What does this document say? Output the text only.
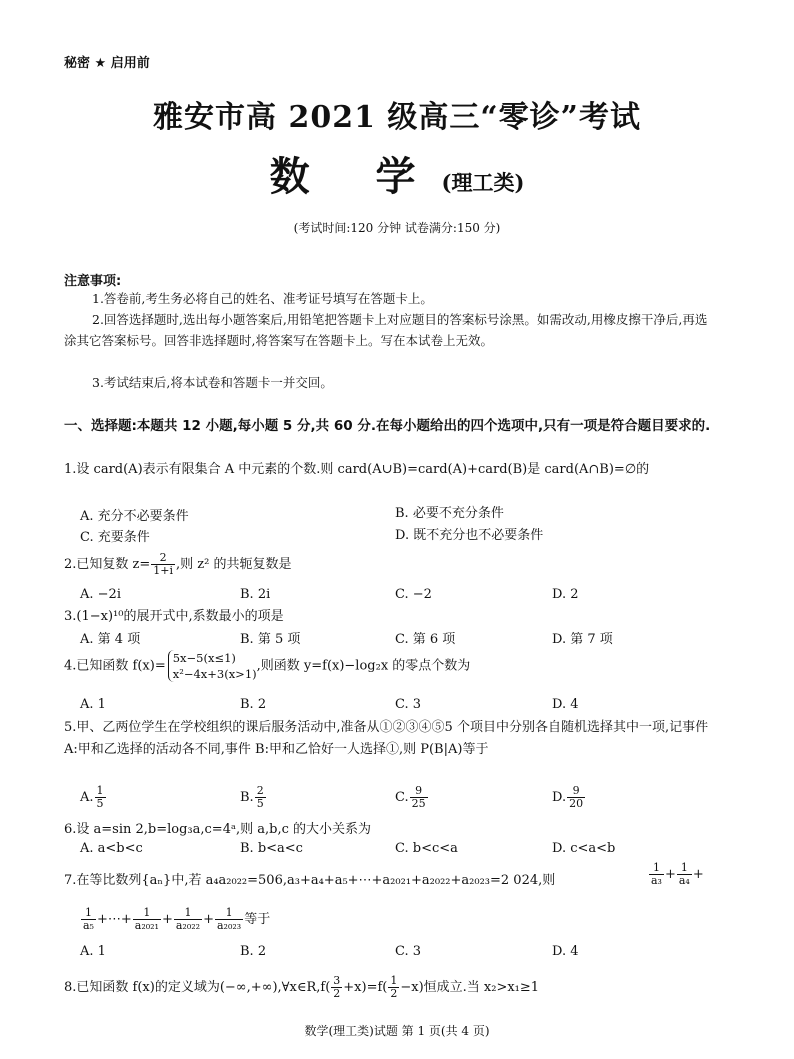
秘密 ★ 启用前
雅安市高 2021 级高三“零诊”考试
数 学(理工类)
(考试时间:120 分钟 试卷满分:150 分)
注意事项:
1.答卷前,考生务必将自己的姓名、准考证号填写在答题卡上。
2.回答选择题时,选出每小题答案后,用铅笔把答题卡上对应题目的答案标号涂黑。如需改动,用橡皮擦干净后,再选涂其它答案标号。回答非选择题时,将答案写在答题卡上。写在本试卷上无效。
3.考试结束后,将本试卷和答题卡一并交回。
一、选择题:本题共 12 小题,每小题 5 分,共 60 分.在每小题给出的四个选项中,只有一项是符合题目要求的.
1.设 card(A)表示有限集合 A 中元素的个数.则 card(A∪B)=card(A)+card(B)是 card(A∩B)=∅的
A. 充分不必要条件	B. 必要不充分条件
C. 充要条件	D. 既不充分也不必要条件
2.已知复数 $z= \frac{2}{1+i}$ ,则 z² 的共轭复数是
A. −2i	B. 2i	C. −2	D. 2
3.(1−x)¹⁰的展开式中,系数最小的项是
A. 第 4 项	B. 第 5 项	C. 第 6 项	D. 第 7 项
4.已知函数 f(x)=
5x−5(x≤1)
x²−4x+3(x>1)
,则函数 y=f(x)−log₂x 的零点个数为
A. 1	B. 2	C. 3	D. 4
5.甲、乙两位学生在学校组织的课后服务活动中,准备从①②③④⑤5 个项目中分别各自随机选择其中一项,记事件 A:甲和乙选择的活动各不同,事件 B:甲和乙恰好一人选择①,则 P(B|A)等于
A. $\frac{1}{5}$	B. $\frac{2}{5}$	C. $\frac{9}{25}$	D. $\frac{9}{20}$
6.设 a=sin 2,b=log₃a,c=4ᵃ,则 a,b,c 的大小关系为
A. a<b<c	B. b<a<c	C. b<c<a	D. c<a<b
7.在等比数列{aₙ}中,若 a₄a₂₀₂₂=506,a₃+a₄+a₅+⋯+a₂₀₂₁+a₂₀₂₂+a₂₀₂₃=2 024,则	$\frac{1}{\text{a₃}} + \frac{1}{\text{a₄}}$ +
$\frac{1}{\text{a₅}}$ +⋯+ $\frac{1}{\text{a₂₀₂₁}} + \frac{1}{\text{a₂₀₂₂}} + \frac{1}{\text{a₂₀₂₃}}$ 等于
A. 1	B. 2	C. 3	D. 4
8.已知函数 f(x)的定义域为(−∞,+∞),∀x∈R,f( $\frac{3}{2} +x)=f( \frac{1}{2} -x)$恒成立.当 x₂>x₁≥1
数学(理工类)试题 第 1 页(共 4 页)
